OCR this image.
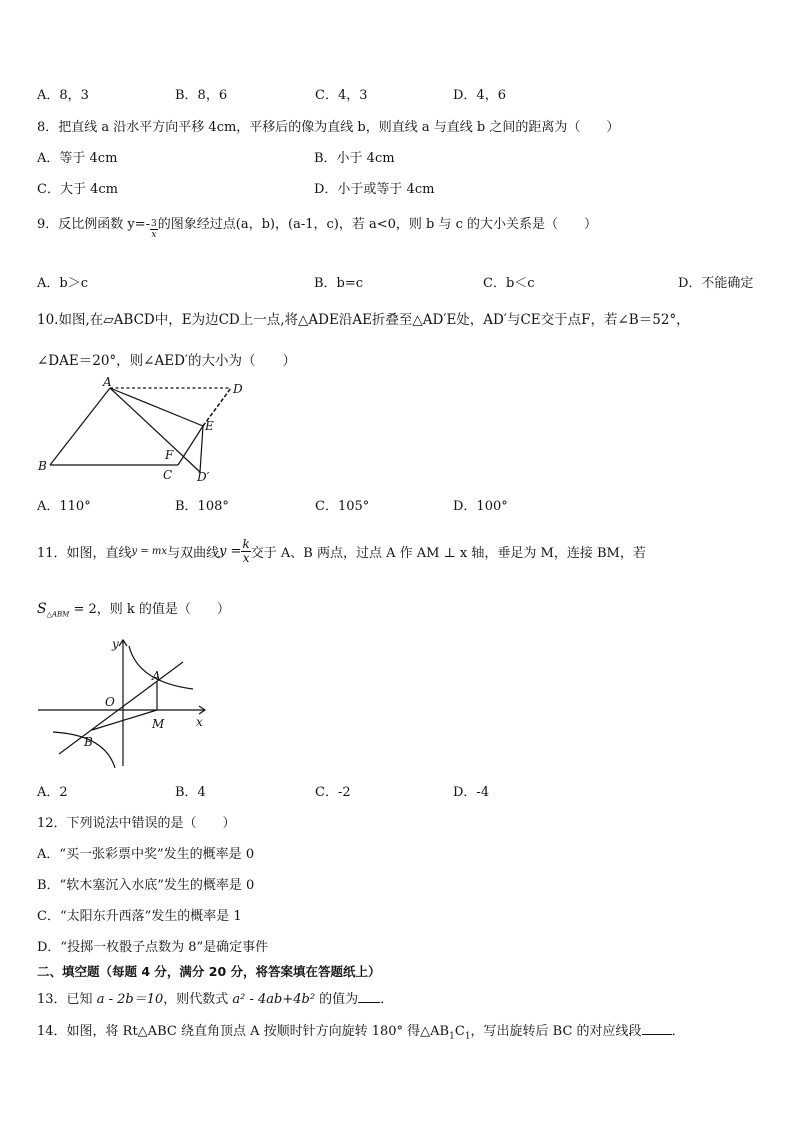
A．8，3	B．8，6	C．4，3	D．4，6
8．把直线 a 沿水平方向平移 4cm，平移后的像为直线 b，则直线 a 与直线 b 之间的距离为（　　）
A．等于 4cm	B．小于 4cm
C．大于 4cm	D．小于或等于 4cm
9．反比例函数 $y=- \frac{3}{x}$ 的图象经过点(a，b)，(a-1，c)，若 a<0，则 b 与 c 的大小关系是（　　）
A．b＞c	B．b=c	C．b＜c	D．不能确定
10.如图,在▱ABCD中，E为边CD上一点,将△ADE沿AE折叠至△AD′E处，AD′与CE交于点F，若∠B＝52°，
∠DAE＝20°，则∠AED′的大小为（　　）
A	D
E
B
F
C D′
A．110°	B．108°	C．105°	D．100°
11．如图，直线y = mx与双曲线$y = \frac{k}{x}$ 交于 A、B 两点，过点 A 作 AM ⊥ x 轴，垂足为 M，连接 BM，若
$S_{\triangle ABM} = 2$，则 k 的值是（　　）
y
A
O
M	x
B
A．2	B．4	C．-2	D．-4
12．下列说法中错误的是（　　）
A．“买一张彩票中奖”发生的概率是 0
B．“软木塞沉入水底”发生的概率是 0
C．“太阳东升西落”发生的概率是 1
D．“投掷一枚骰子点数为 8”是确定事件
二、填空题（每题 4 分，满分 20 分，将答案填在答题纸上）
13．已知 a - 2b＝10，则代数式 a² - 4ab+4b² 的值为 ．
14．如图，将 Rt△ABC 绕直角顶点 A 按顺时针方向旋转 180° 得$\triangle AB_1C_1$，写出旋转后 BC 的对应线段 ．
